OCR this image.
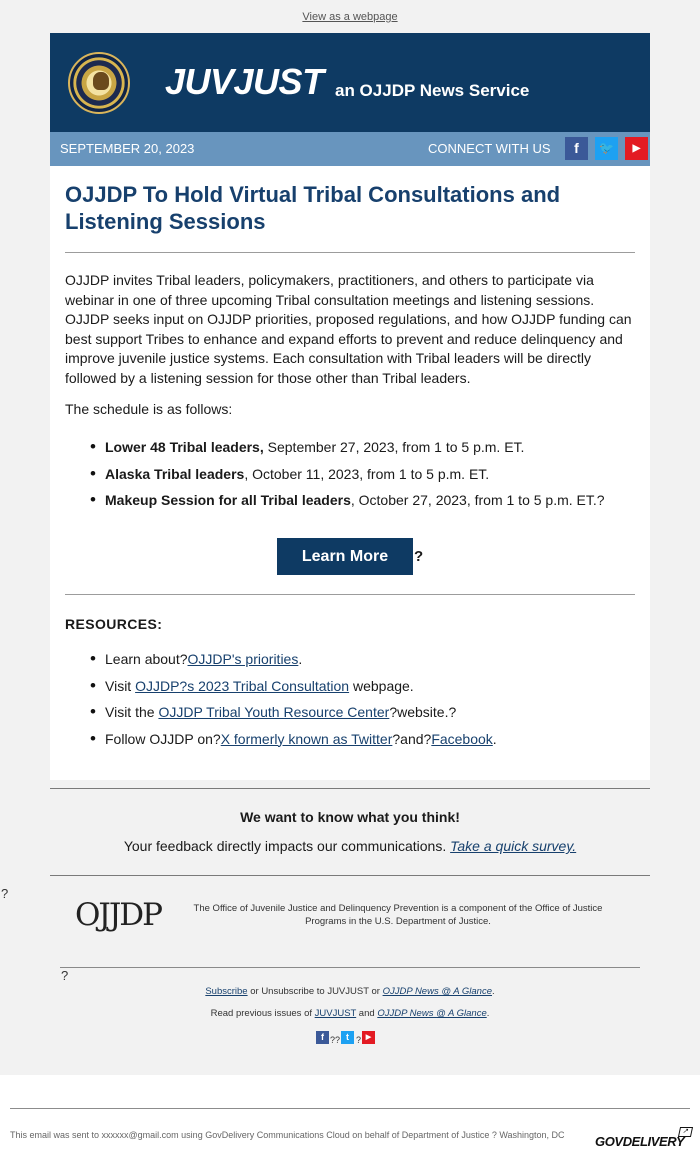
View as a webpage
JUVJUST an OJJDP News Service
SEPTEMBER 20, 2023	CONNECT WITH US	f	🐦	▶
OJJDP To Hold Virtual Tribal Consultations and Listening Sessions

OJJDP invites Tribal leaders, policymakers, practitioners, and others to participate via webinar in one of three upcoming Tribal consultation meetings and listening sessions. OJJDP seeks input on OJJDP priorities, proposed regulations, and how OJJDP funding can best support Tribes to enhance and expand efforts to prevent and reduce delinquency and improve juvenile justice systems. Each consultation with Tribal leaders will be directly followed by a listening session for those other than Tribal leaders.

The schedule is as follows:

• Lower 48 Tribal leaders, September 27, 2023, from 1 to 5 p.m. ET.
• Alaska Tribal leaders, October 11, 2023, from 1 to 5 p.m. ET.
• Makeup Session for all Tribal leaders, October 27, 2023, from 1 to 5 p.m. ET.?
Learn More	?
RESOURCES:
• Learn about?OJJDP's priorities.
• Visit OJJDP?s 2023 Tribal Consultation webpage.
• Visit the OJJDP Tribal Youth Resource Center?website.?
• Follow OJJDP on?X formerly known as Twitter?and?Facebook.
We want to know what you think!

Your feedback directly impacts our communications. Take a quick survey.

?
OJJDP	The Office of Juvenile Justice and Delinquency Prevention is a component of the Office of Justice Programs in the U.S. Department of Justice.

?

Subscribe or Unsubscribe to JUVJUST or OJJDP News @ A Glance.

Read previous issues of JUVJUST and OJJDP News @ A Glance.

f ?? t ? ▶

This email was sent to xxxxxx@gmail.com using GovDelivery Communications Cloud on behalf of Department of Justice ? Washington, DC	GOVDELIVERY
↗
